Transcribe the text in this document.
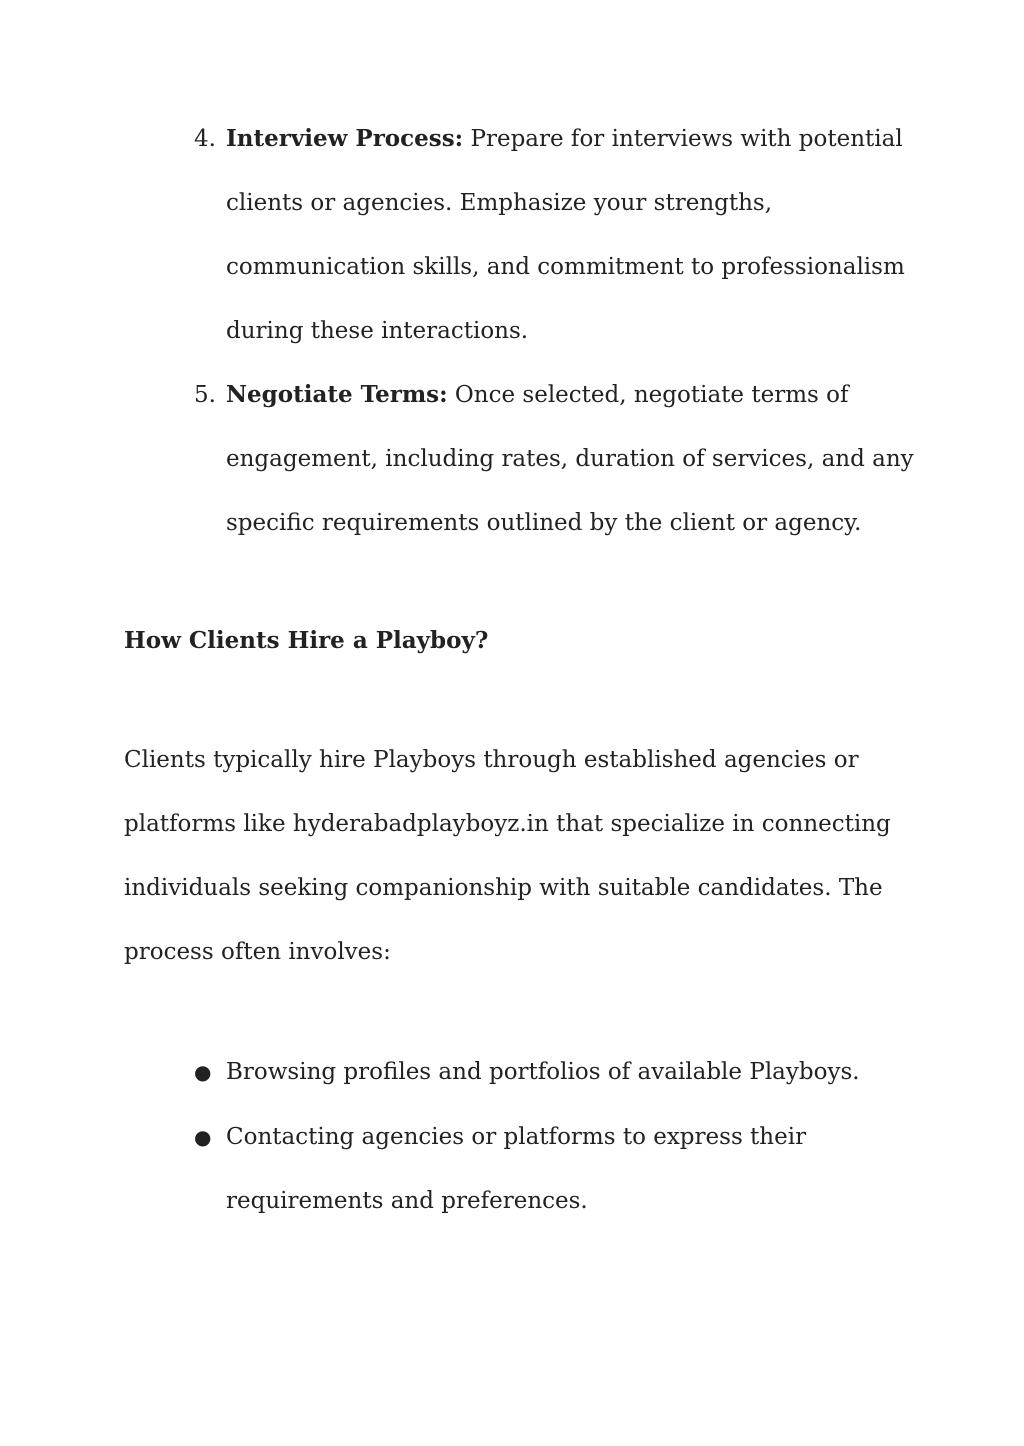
4. Interview Process: Prepare for interviews with potential
clients or agencies. Emphasize your strengths,
communication skills, and commitment to professionalism
during these interactions.
5. Negotiate Terms: Once selected, negotiate terms of
engagement, including rates, duration of services, and any
specific requirements outlined by the client or agency.
How Clients Hire a Playboy?
Clients typically hire Playboys through established agencies or
platforms like hyderabadplayboyz.in that specialize in connecting
individuals seeking companionship with suitable candidates. The
process often involves:
● Browsing profiles and portfolios of available Playboys.
● Contacting agencies or platforms to express their
requirements and preferences.
